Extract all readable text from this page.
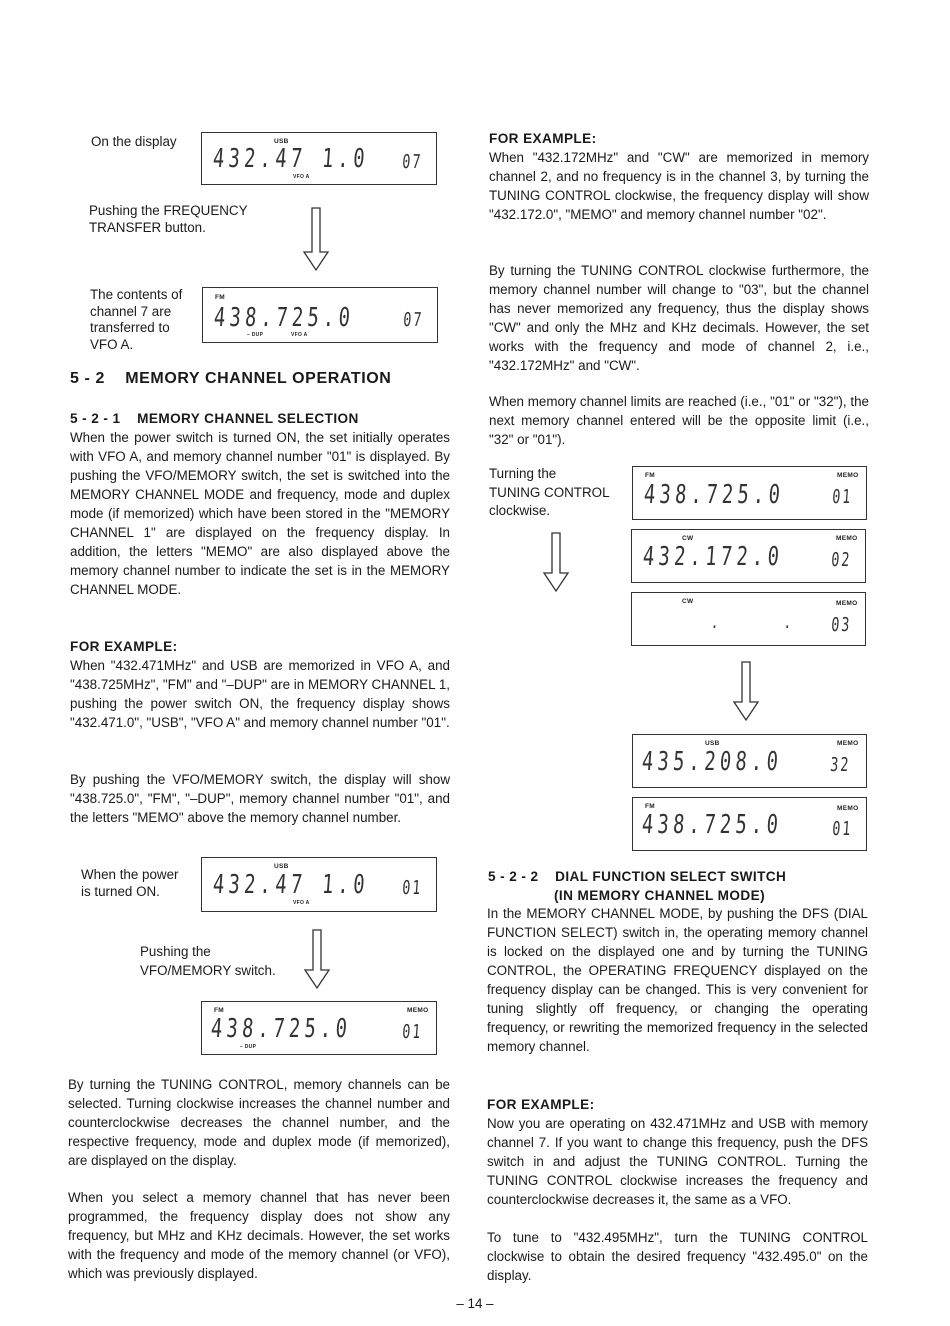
On the display	USB
432.47 1.0
VFO A
07
Pushing the FREQUENCY
TRANSFER button.
The contents of
channel 7 are
transferred to
VFO A.
FM
438.725.0
– DUP	VFO A
07
5 - 2    MEMORY CHANNEL OPERATION
5 - 2 - 1    MEMORY CHANNEL SELECTION

When the power switch is turned ON, the set initially operates with VFO A, and memory channel number "01" is displayed. By pushing the VFO/MEMORY switch, the set is switched into the MEMORY CHANNEL MODE and frequency, mode and duplex mode (if memorized) which have been stored in the "MEMORY CHANNEL 1" are displayed on the frequency display. In addition, the letters "MEMO" are also displayed above the memory channel number to indicate the set is in the MEMORY CHANNEL MODE.

FOR EXAMPLE:

When "432.471MHz" and USB are memorized in VFO A, and "438.725MHz", "FM" and "–DUP" are in MEMORY CHANNEL 1, pushing the power switch ON, the frequency display shows "432.471.0", "USB", "VFO A" and memory channel number "01".

By pushing the VFO/MEMORY switch, the display will show "438.725.0", "FM", "–DUP", memory channel number "01", and the letters "MEMO" above the memory channel number.

When the power
is turned ON.
USB
432.47 1.0
VFO A
01
Pushing the
VFO/MEMORY switch.
FM	MEMO
438.725.0
– DUP
01

By turning the TUNING CONTROL, memory channels can be selected. Turning clockwise increases the channel number and counterclockwise decreases the channel number, and the respective frequency, mode and duplex mode (if memorized), are displayed on the display.

When you select a memory channel that has never been programmed, the frequency display does not show any frequency, but MHz and KHz decimals. However, the set works with the frequency and mode of the memory channel (or VFO), which was previously displayed.

FOR EXAMPLE:

When "432.172MHz" and "CW" are memorized in memory channel 2, and no frequency is in the channel 3, by turning the TUNING CONTROL clockwise, the frequency display will show "432.172.0", "MEMO" and memory channel number "02".

By turning the TUNING CONTROL clockwise furthermore, the memory channel number will change to "03", but the channel has never memorized any frequency, thus the display shows "CW" and only the MHz and KHz decimals. However, the set works with the frequency and mode of channel 2, i.e., "432.172MHz" and "CW".

When memory channel limits are reached (i.e., "01" or "32"), the next memory channel entered will be the opposite limit (i.e., "32" or "01").

Turning the
TUNING CONTROL
clockwise.
FM	MEMO
438.725.0 01
CW	MEMO
432.172.0 02
CW	MEMO
.     . 03
USB	MEMO
435.208.0 32
FM	MEMO
438.725.0	01
5 - 2 - 2    DIAL FUNCTION SELECT SWITCH
(IN MEMORY CHANNEL MODE)

In the MEMORY CHANNEL MODE, by pushing the DFS (DIAL FUNCTION SELECT) switch in, the operating memory channel is locked on the displayed one and by turning the TUNING CONTROL, the OPERATING FREQUENCY displayed on the frequency display can be changed. This is very convenient for tuning slightly off frequency, or changing the operating frequency, or rewriting the memorized frequency in the selected memory channel.

FOR EXAMPLE:

Now you are operating on 432.471MHz and USB with memory channel 7. If you want to change this frequency, push the DFS switch in and adjust the TUNING CONTROL. Turning the TUNING CONTROL clockwise increases the frequency and counterclockwise decreases it, the same as a VFO.

To tune to "432.495MHz", turn the TUNING CONTROL clockwise to obtain the desired frequency "432.495.0" on the display.

– 14 –
